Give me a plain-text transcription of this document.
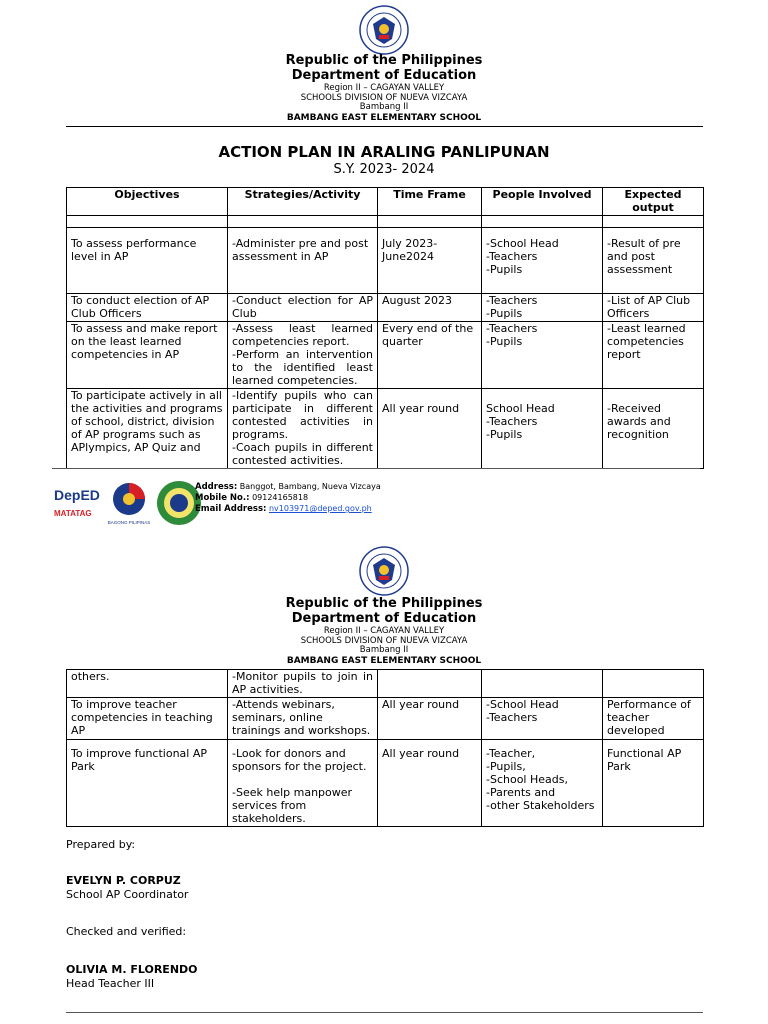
Republic of the Philippines
Department of Education
Region II – CAGAYAN VALLEY
SCHOOLS DIVISION OF NUEVA VIZCAYA
Bambang II
BAMBANG EAST ELEMENTARY SCHOOL
ACTION PLAN IN ARALING PANLIPUNAN
S.Y. 2023- 2024
Objectives	Strategies/Activity	Time Frame	People Involved	Expected output

To assess performance level in AP	-Administer pre and post assessment in AP	July 2023- June2024	-School Head
-Teachers
-Pupils	-Result of pre and post assessment
To conduct election of AP Club Officers	-Conduct election for AP Club	August 2023	-Teachers
-Pupils	-List of AP Club Officers
To assess and make report on the least learned competencies in AP	-Assess least learned competencies report.
-Perform an intervention to the identified least learned competencies.	Every end of the quarter	-Teachers
-Pupils	-Least learned competencies report
To participate actively in all the activities and programs of school, district, division of AP programs such as APlympics, AP Quiz and	-Identify pupils who can participate in different contested activities in programs.
-Coach pupils in different contested activities.	All year round	School Head
-Teachers
-Pupils	-Received awards and recognition
DepED
MATATAG
BAGONG PILIPINAS
Address: Banggot, Bambang, Nueva Vizcaya
Mobile No.: 09124165818
Email Address: nv103971@deped.gov.ph
Republic of the Philippines
Department of Education
Region II – CAGAYAN VALLEY
SCHOOLS DIVISION OF NUEVA VIZCAYA
Bambang II
BAMBANG EAST ELEMENTARY SCHOOL
others.	-Monitor pupils to join in AP activities.			
To improve teacher competencies in teaching AP	-Attends webinars, seminars, online trainings and workshops.	All year round	-School Head
-Teachers	Performance of teacher developed
To improve functional AP Park	-Look for donors and sponsors for the project.

-Seek help manpower services from stakeholders.	All year round	-Teacher,
-Pupils,
-School Heads,
-Parents and
-other Stakeholders	Functional AP Park
Prepared by:
EVELYN P. CORPUZ
School AP Coordinator
Checked and verified:
OLIVIA M. FLORENDO
Head Teacher III
